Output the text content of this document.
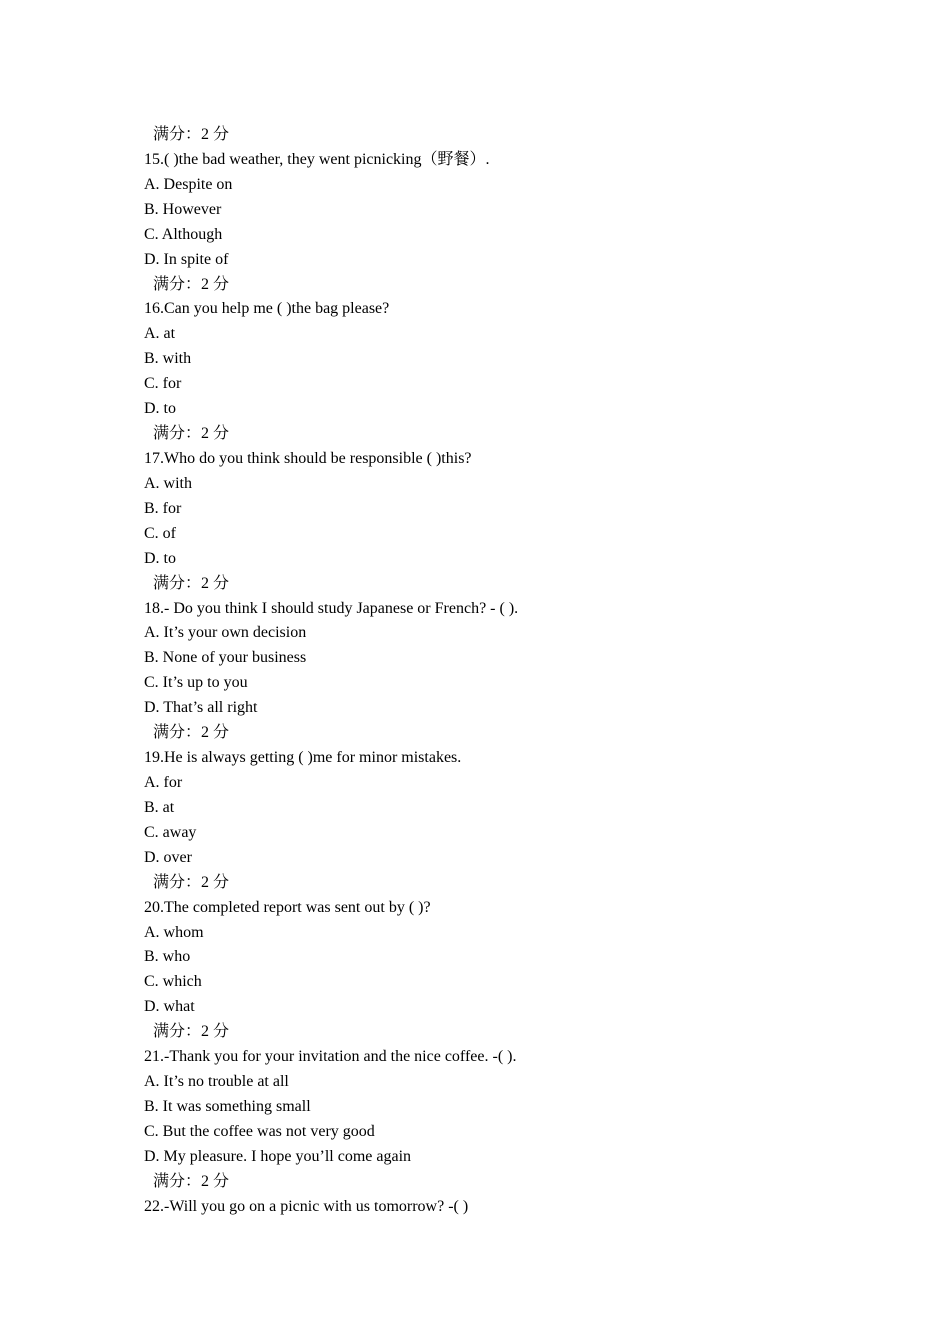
满分：2 分
15.( )the bad weather, they went picnicking（野餐）.
A. Despite on
B. However
C. Although
D. In spite of
满分：2 分
16.Can you help me ( )the bag please?
A. at
B. with
C. for
D. to
满分：2 分
17.Who do you think should be responsible ( )this?
A. with
B. for
C. of
D. to
满分：2 分
18.- Do you think I should study Japanese or French? - ( ).
A. It’s your own decision
B. None of your business
C. It’s up to you
D. That’s all right
满分：2 分
19.He is always getting ( )me for minor mistakes.
A. for
B. at
C. away
D. over
满分：2 分
20.The completed report was sent out by ( )?
A. whom
B. who
C. which
D. what
满分：2 分
21.-Thank you for your invitation and the nice coffee. -( ).
A. It’s no trouble at all
B. It was something small
C. But the coffee was not very good
D. My pleasure. I hope you’ll come again
满分：2 分
22.-Will you go on a picnic with us tomorrow? -( )
